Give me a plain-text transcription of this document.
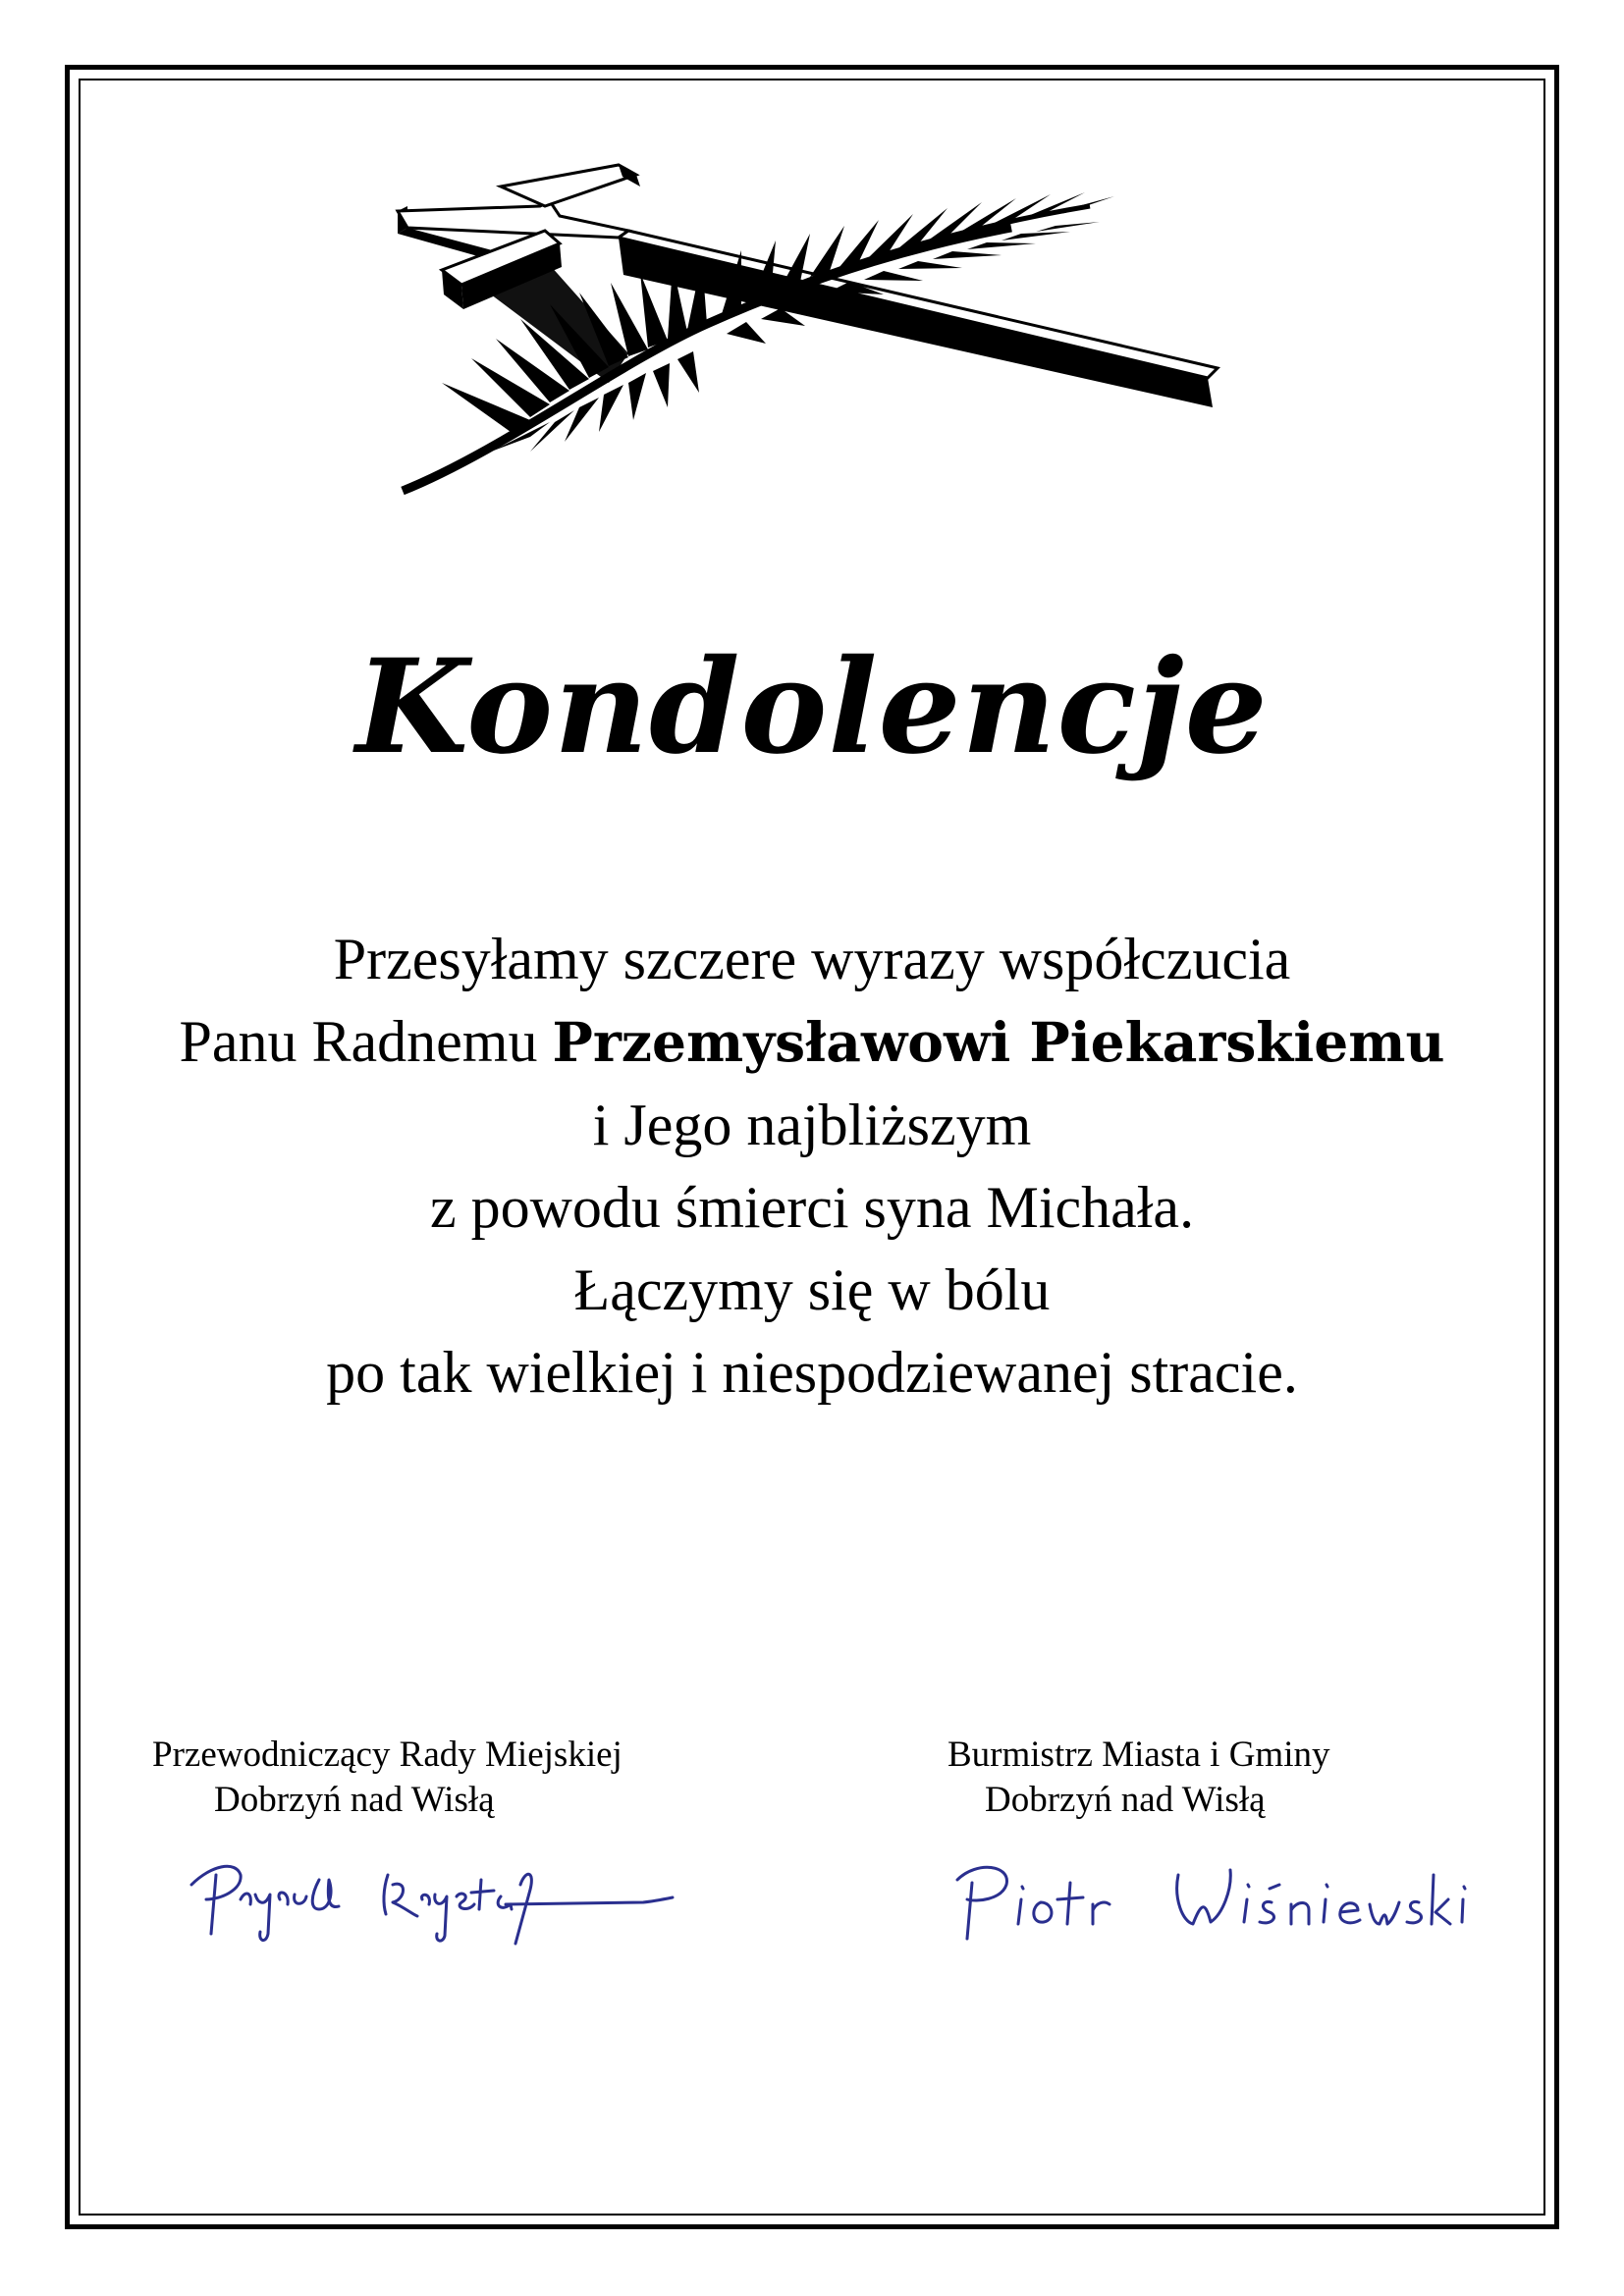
Kondolencje
Przesyłamy szczere wyrazy współczucia
Panu Radnemu Przemysławowi Piekarskiemu
i Jego najbliższym
z powodu śmierci syna Michała.
Łączymy się w bólu
po tak wielkiej i niespodziewanej stracie.
Przewodniczący Rady Miejskiej
Dobrzyń nad Wisłą
Burmistrz Miasta i Gminy
Dobrzyń nad Wisłą
